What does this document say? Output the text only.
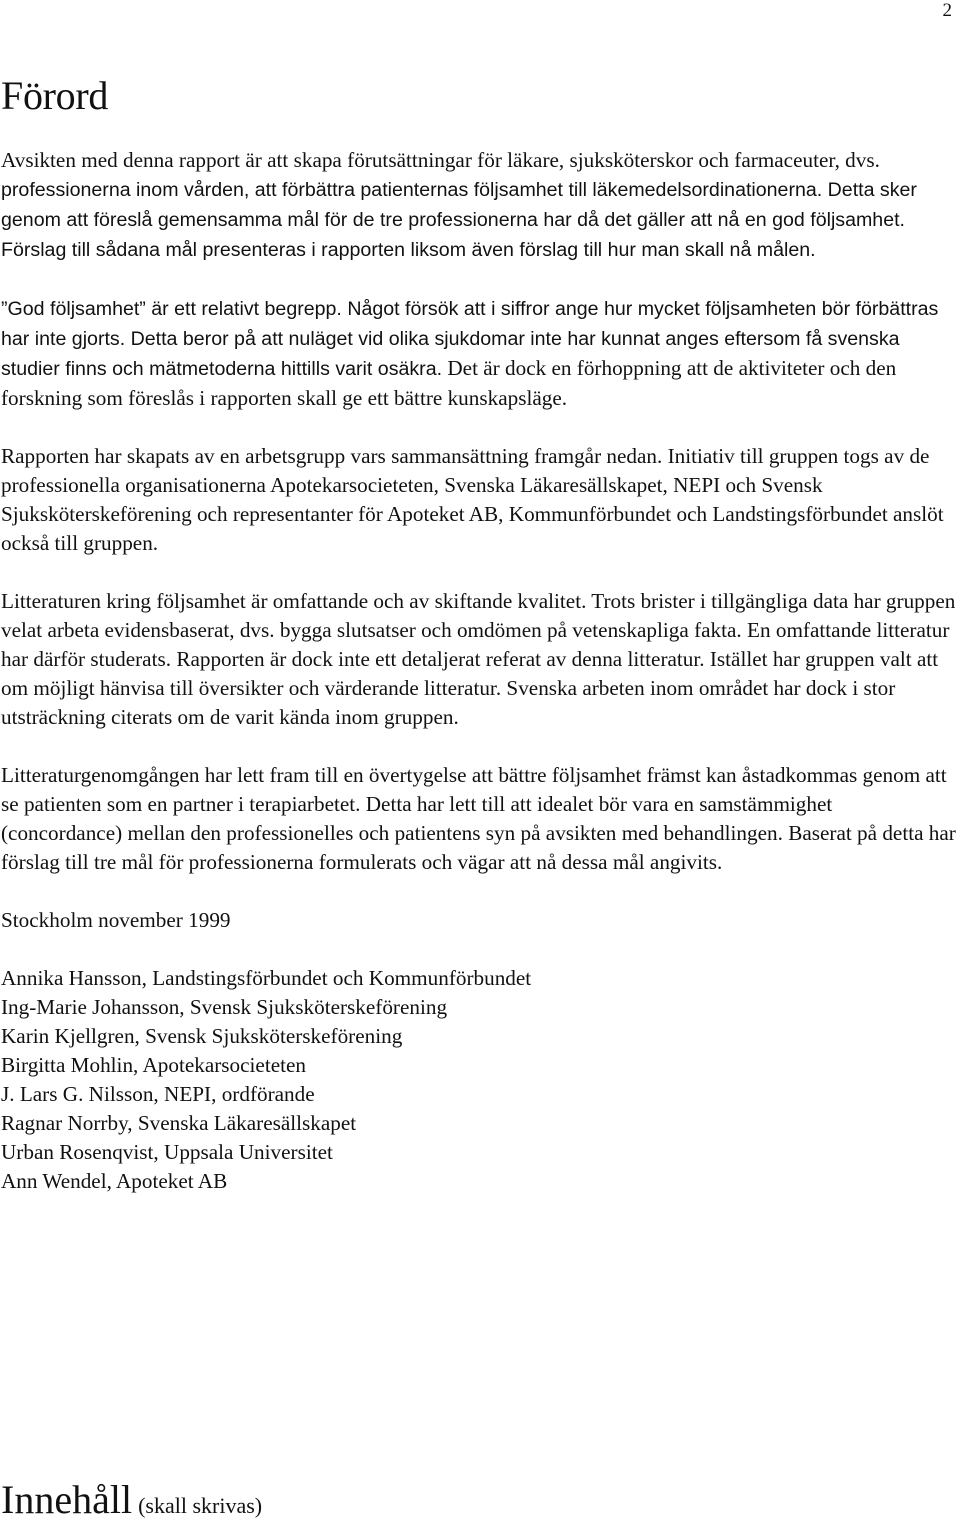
2
Förord

Avsikten med denna rapport är att skapa förutsättningar för läkare, sjuksköterskor och farmaceuter, dvs. professionerna inom vården, att förbättra patienternas följsamhet till läkemedelsordinationerna. Detta sker genom att föreslå gemensamma mål för de tre professionerna har då det gäller att nå en god följsamhet. Förslag till sådana mål presenteras i rapporten liksom även förslag till hur man skall nå målen.

”God följsamhet” är ett relativt begrepp. Något försök att i siffror ange hur mycket följsamheten bör förbättras har inte gjorts. Detta beror på att nuläget vid olika sjukdomar inte har kunnat anges eftersom få svenska studier finns och mätmetoderna hittills varit osäkra. Det är dock en förhoppning att de aktiviteter och den forskning som föreslås i rapporten skall ge ett bättre kunskapsläge.

Rapporten har skapats av en arbetsgrupp vars sammansättning framgår nedan. Initiativ till gruppen togs av de professionella organisationerna Apotekarsocieteten, Svenska Läkaresällskapet, NEPI och Svensk Sjuksköterskeförening och representanter för Apoteket AB, Kommunförbundet och Landstingsförbundet anslöt också till gruppen.

Litteraturen kring följsamhet är omfattande och av skiftande kvalitet. Trots brister i tillgängliga data har gruppen velat arbeta evidensbaserat, dvs. bygga slutsatser och omdömen på vetenskapliga fakta. En omfattande litteratur har därför studerats. Rapporten är dock inte ett detaljerat referat av denna litteratur. Istället har gruppen valt att om möjligt hänvisa till översikter och värderande litteratur. Svenska arbeten inom området har dock i stor utsträckning citerats om de varit kända inom gruppen.

Litteraturgenomgången har lett fram till en övertygelse att bättre följsamhet främst kan åstadkommas genom att se patienten som en partner i terapiarbetet. Detta har lett till att idealet bör vara en samstämmighet (concordance) mellan den professionelles och patientens syn på avsikten med behandlingen. Baserat på detta har förslag till tre mål för professionerna formulerats och vägar att nå dessa mål angivits.

Stockholm november 1999

Annika Hansson, Landstingsförbundet och Kommunförbundet
Ing-Marie Johansson, Svensk Sjuksköterskeförening
Karin Kjellgren, Svensk Sjuksköterskeförening
Birgitta Mohlin, Apotekarsocieteten
J. Lars G. Nilsson, NEPI, ordförande
Ragnar Norrby, Svenska Läkaresällskapet
Urban Rosenqvist, Uppsala Universitet
Ann Wendel, Apoteket AB
Innehåll (skall skrivas)
